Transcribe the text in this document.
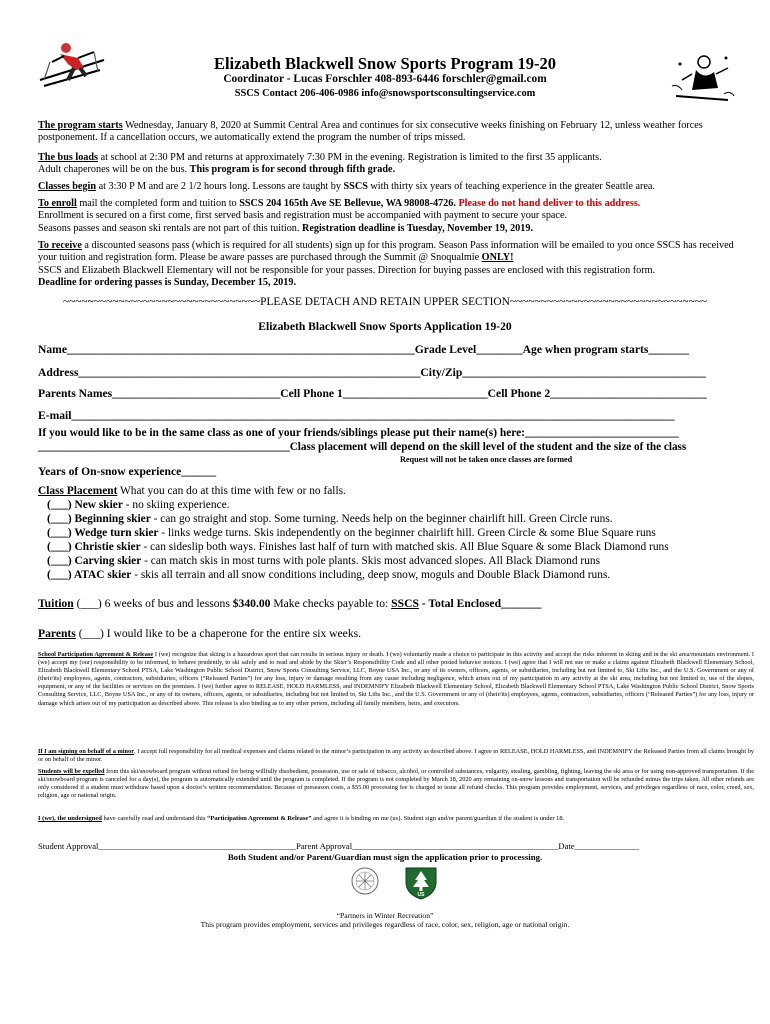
Elizabeth Blackwell Snow Sports Program 19-20
Coordinator - Lucas Forschler 408-893-6446 forschler@gmail.com
SSCS Contact 206-406-0986 info@snowsportsconsultingservice.com
The program starts Wednesday, January 8, 2020 at Summit Central Area and continues for six consecutive weeks finishing on February 12, unless weather forces postponement. If a cancellation occurs, we automatically extend the program the number of trips missed.
The bus loads at school at 2:30 PM and returns at approximately 7:30 PM in the evening. Registration is limited to the first 35 applicants.
Adult chaperones will be on the bus. This program is for second through fifth grade.
Classes begin at 3:30 P M and are 2 1/2 hours long. Lessons are taught by SSCS with thirty six years of teaching experience in the greater Seattle area.
To enroll mail the completed form and tuition to SSCS 204 165th Ave SE Bellevue, WA 98008-4726. Please do not hand deliver to this address.
Enrollment is secured on a first come, first served basis and registration must be accompanied with payment to secure your space.
Seasons passes and season ski rentals are not part of this tuition. Registration deadline is Tuesday, November 19, 2019.
To receive a discounted seasons pass (which is required for all students) sign up for this program. Season Pass information will be emailed to you once SSCS has received your tuition and registration form. Please be aware passes are purchased through the Summit @ Snoqualmie ONLY!
SSCS and Elizabeth Blackwell Elementary will not be responsible for your passes. Direction for buying passes are enclosed with this registration form.
Deadline for ordering passes is Sunday, December 15, 2019.
~~~~~~~~~~~~~~~~~~~~~~~~~~~~~~~~PLEASE DETACH AND RETAIN UPPER SECTION~~~~~~~~~~~~~~~~~~~~~~~~~~~~~~~~
Elizabeth Blackwell Snow Sports Application 19-20
Name____________________________________________________________Grade Level________Age when program starts_______
Address___________________________________________________________City/Zip__________________________________________
Parents Names_____________________________Cell Phone 1_________________________Cell Phone 2___________________________
E-mail________________________________________________________________________________________________________
If you would like to be in the same class as one of your friends/siblings please put their name(s) here:___________________________
_____________________________________________Class placement will depend on the skill level of the student and the size of the class
Request will not be taken once classes are formed
Years of On-snow experience______
Class Placement What you can do at this time with few or no falls.
(___) New skier - no skiing experience.
(___) Beginning skier - can go straight and stop. Some turning. Needs help on the beginner chairlift hill. Green Circle runs.
(___) Wedge turn skier - links wedge turns. Skis independently on the beginner chairlift hill. Green Circle & some Blue Square runs
(___) Christie skier - can sideslip both ways. Finishes last half of turn with matched skis. All Blue Square & some Black Diamond runs
(___) Carving skier - can match skis in most turns with pole plants. Skis most advanced slopes. All Black Diamond runs
(___) ATAC skier - skis all terrain and all snow conditions including, deep snow, moguls and Double Black Diamond runs.
Tuition (___) 6 weeks of bus and lessons $340.00 Make checks payable to: SSCS - Total Enclosed_______
Parents (___) I would like to be a chaperone for the entire six weeks.
School Participation Agreement & Release I (we) recognize that skiing is a hazardous sport that can results in serious injury or death. I (we) voluntarily made a choice to participate in this activity and accept the risks inherent in skiing and in the ski area/mountain environment. I (we) accept my (our) responsibility to be informed, to behave prudently, to ski safely and to read and abide by the Skier’s Responsibility Code and all other posted behavior notices. I (we) agree that I will not sue or make a claims against Elizabeth Blackwell Elementary School, Elizabeth Blackwell Elementary School PTSA, Lake Washington Public School District, Snow Sports Consulting Service, LLC, Boyne USA Inc., or any of its owners, officers, agents, or subsidiaries, including but not limited to, Ski Lifts Inc., and the U.S. Government or any of (their/its) employees, agents, contractors, subsidiaries, officers (“Released Parties”) for any loss, injury or damage resulting from any cause including negligence, which arises out of my participation in any activity at the ski area, including but not limited to, use of the slopes, equipment, or any of the facilities or services on the premises. I (we) further agree to RELEASE, HOLD HARMLESS, and INDEMNIFY Elizabeth Blackwell Elementary School, Elizabeth Blackwell Elementary School PTSA, Lake Washington Public School District, Snow Sports Consulting Service, LLC, Boyne USA Inc., or any of its owners, officers, agents, or subsidiaries, including but not limited to, Ski Lifts Inc., and the U.S. Government or any of (their/its) employees, agents, contractors, subsidiaries, officers (“Released Parties”) for any loss, injury or damage which arises out of my participation as described above. This release is also binding as to any other person, including all family members, heirs, and executors.
If I am signing on behalf of a minor, I accept full responsibility for all medical expenses and claims related to the minor’s participation in any activity as described above. I agree to RELEASE, HOLD HARMLESS, and INDEMNIFY the Released Parties from all claims brought by or on behalf of the minor.
Students will be expelled from this ski/snowboard program without refund for being willfully disobedient, possession, use or sale of tobacco, alcohol, or controlled substances, vulgarity, stealing, gambling, fighting, leaving the ski area or for using non-approved transportation. If the ski/snowboard program is canceled for a day(s), the program is automatically extended until the program is completed. If the program is not completed by March 18, 2020 any remaining on-snow lessons and transportation will be refunded minus the trips taken. All other refunds are only considered if a student must withdraw based upon a doctor’s written recommendation. Because of preseason costs, a $55.00 processing fee is charged to issue all refund checks. This program provides employment, services, and privileges regardless of race, color, creed, sex, religion, age or national origin.
I (we), the undersigned have carefully read and understand this “Participation Agreement & Release” and agree it is binding on me (us). Student sign and/or parent/guardian if the student is under 18.
Student Approval______________________________________________Parent Approval________________________________________________Date_______________
Both Student and/or Parent/Guardian must sign the application prior to processing.
US
“Partners in Winter Recreation”
This program provides employment, services and privileges regardless of race, color, sex, religion, age or national origin.
